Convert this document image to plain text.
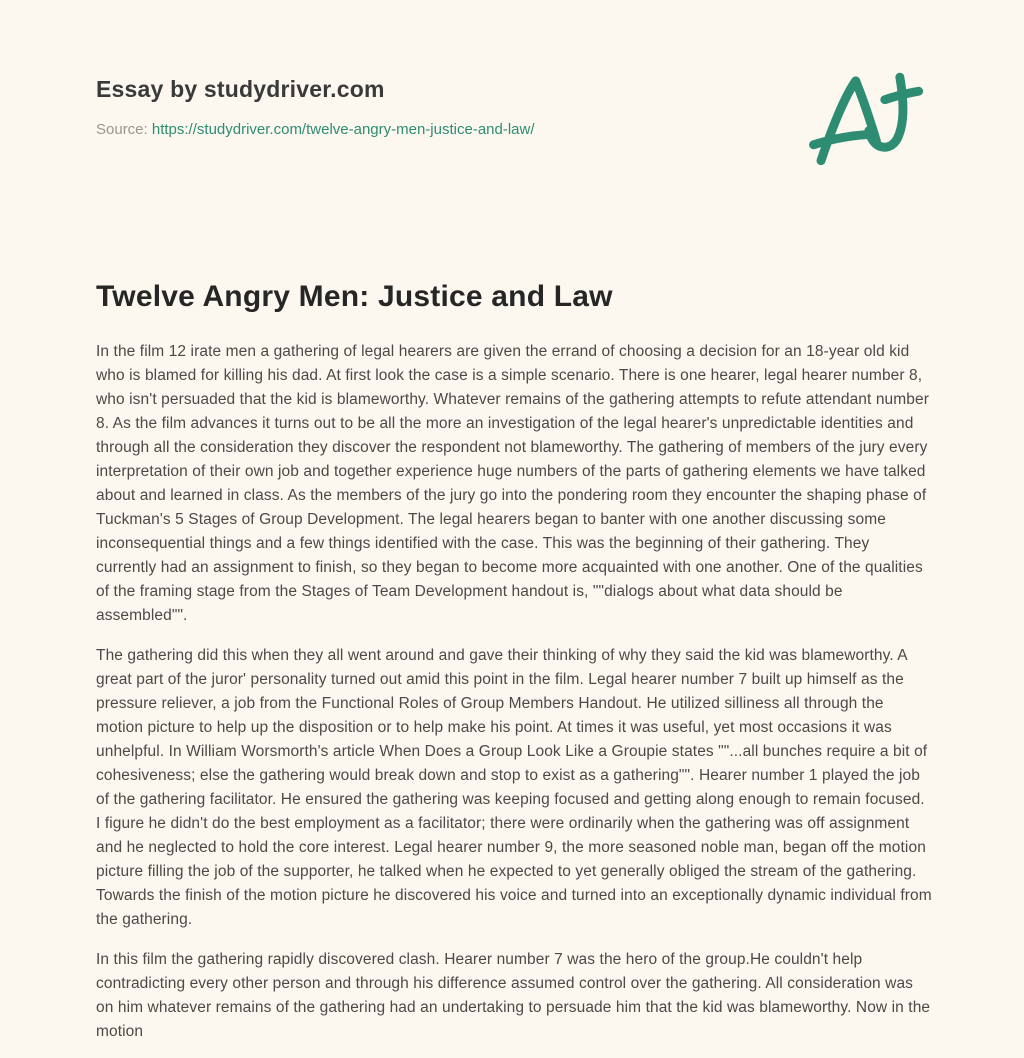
Essay by studydriver.com
Source: https://studydriver.com/twelve-angry-men-justice-and-law/
Twelve Angry Men: Justice and Law

In the film 12 irate men a gathering of legal hearers are given the errand of choosing a decision for an 18-year old kid who is blamed for killing his dad. At first look the case is a simple scenario. There is one hearer, legal hearer number 8, who isn't persuaded that the kid is blameworthy. Whatever remains of the gathering attempts to refute attendant number 8. As the film advances it turns out to be all the more an investigation of the legal hearer's unpredictable identities and through all the consideration they discover the respondent not blameworthy. The gathering of members of the jury every interpretation of their own job and together experience huge numbers of the parts of gathering elements we have talked about and learned in class. As the members of the jury go into the pondering room they encounter the shaping phase of Tuckman's 5 Stages of Group Development. The legal hearers began to banter with one another discussing some inconsequential things and a few things identified with the case. This was the beginning of their gathering. They currently had an assignment to finish, so they began to become more acquainted with one another. One of the qualities of the framing stage from the Stages of Team Development handout is, ""dialogs about what data should be assembled"".

The gathering did this when they all went around and gave their thinking of why they said the kid was blameworthy. A great part of the juror' personality turned out amid this point in the film. Legal hearer number 7 built up himself as the pressure reliever, a job from the Functional Roles of Group Members Handout. He utilized silliness all through the motion picture to help up the disposition or to help make his point. At times it was useful, yet most occasions it was unhelpful. In William Worsmorth's article When Does a Group Look Like a Groupie states ""...all bunches require a bit of cohesiveness; else the gathering would break down and stop to exist as a gathering"". Hearer number 1 played the job of the gathering facilitator. He ensured the gathering was keeping focused and getting along enough to remain focused. I figure he didn't do the best employment as a facilitator; there were ordinarily when the gathering was off assignment and he neglected to hold the core interest. Legal hearer number 9, the more seasoned noble man, began off the motion picture filling the job of the supporter, he talked when he expected to yet generally obliged the stream of the gathering. Towards the finish of the motion picture he discovered his voice and turned into an exceptionally dynamic individual from the gathering.

In this film the gathering rapidly discovered clash. Hearer number 7 was the hero of the group.He couldn't help contradicting every other person and through his difference assumed control over the gathering. All consideration was on him whatever remains of the gathering had an undertaking to persuade him that the kid was blameworthy. Now in the motion
